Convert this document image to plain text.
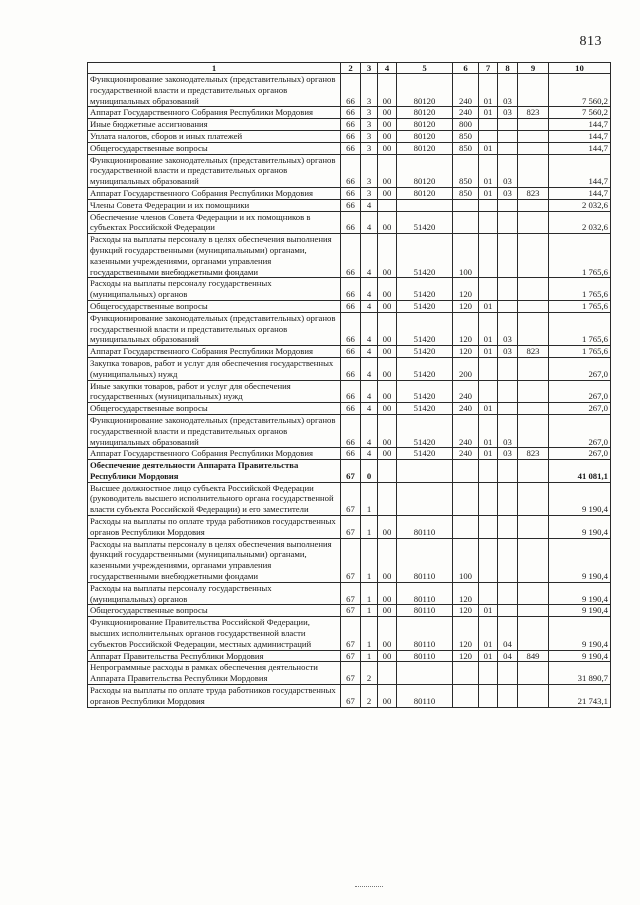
813
1	2	3	4	5	6	7	8	9	10
Функционирование законодательных (представительных) органов государственной власти и представительных органов муниципальных образований	66	3	00	80120	240	01	03		7 560,2
Аппарат Государственного Собрания Республики Мордовия	66	3	00	80120	240	01	03	823	7 560,2
Иные бюджетные ассигнования	66	3	00	80120	800				144,7
Уплата налогов, сборов и иных платежей	66	3	00	80120	850				144,7
Общегосударственные вопросы	66	3	00	80120	850	01			144,7
Функционирование законодательных (представительных) органов государственной власти и представительных органов муниципальных образований	66	3	00	80120	850	01	03		144,7
Аппарат Государственного Собрания Республики Мордовия	66	3	00	80120	850	01	03	823	144,7
Члены Совета Федерации и их помощники	66	4							2 032,6
Обеспечение членов Совета Федерации и их помощников в субъектах Российской Федерации	66	4	00	51420					2 032,6
Расходы на выплаты персоналу в целях обеспечения выполнения функций государственными (муниципальными) органами, казенными учреждениями, органами управления государственными внебюджетными фондами	66	4	00	51420	100				1 765,6
Расходы на выплаты персоналу государственных (муниципальных) органов	66	4	00	51420	120				1 765,6
Общегосударственные вопросы	66	4	00	51420	120	01			1 765,6
Функционирование законодательных (представительных) органов государственной власти и представительных органов муниципальных образований	66	4	00	51420	120	01	03		1 765,6
Аппарат Государственного Собрания Республики Мордовия	66	4	00	51420	120	01	03	823	1 765,6
Закупка товаров, работ и услуг для обеспечения государственных (муниципальных) нужд	66	4	00	51420	200				267,0
Иные закупки товаров, работ и услуг для обеспечения государственных (муниципальных) нужд	66	4	00	51420	240				267,0
Общегосударственные вопросы	66	4	00	51420	240	01			267,0
Функционирование законодательных (представительных) органов государственной власти и представительных органов муниципальных образований	66	4	00	51420	240	01	03		267,0
Аппарат Государственного Собрания Республики Мордовия	66	4	00	51420	240	01	03	823	267,0
Обеспечение деятельности Аппарата Правительства Республики Мордовия	67	0							41 081,1
Высшее должностное лицо субъекта Российской Федерации (руководитель высшего исполнительного органа государственной власти субъекта Российской Федерации) и его заместители	67	1							9 190,4
Расходы на выплаты по оплате труда работников государственных органов Республики Мордовия	67	1	00	80110					9 190,4
Расходы на выплаты персоналу в целях обеспечения выполнения функций государственными (муниципальными) органами, казенными учреждениями, органами управления государственными внебюджетными фондами	67	1	00	80110	100				9 190,4
Расходы на выплаты персоналу государственных (муниципальных) органов	67	1	00	80110	120				9 190,4
Общегосударственные вопросы	67	1	00	80110	120	01			9 190,4
Функционирование Правительства Российской Федерации, высших исполнительных органов государственной власти субъектов Российской Федерации, местных администраций	67	1	00	80110	120	01	04		9 190,4
Аппарат Правительства Республики Мордовия	67	1	00	80110	120	01	04	849	9 190,4
Непрограммные расходы в рамках обеспечения деятельности Аппарата Правительства Республики Мордовия	67	2							31 890,7
Расходы на выплаты по оплате труда работников государственных органов Республики Мордовия	67	2	00	80110					21 743,1
